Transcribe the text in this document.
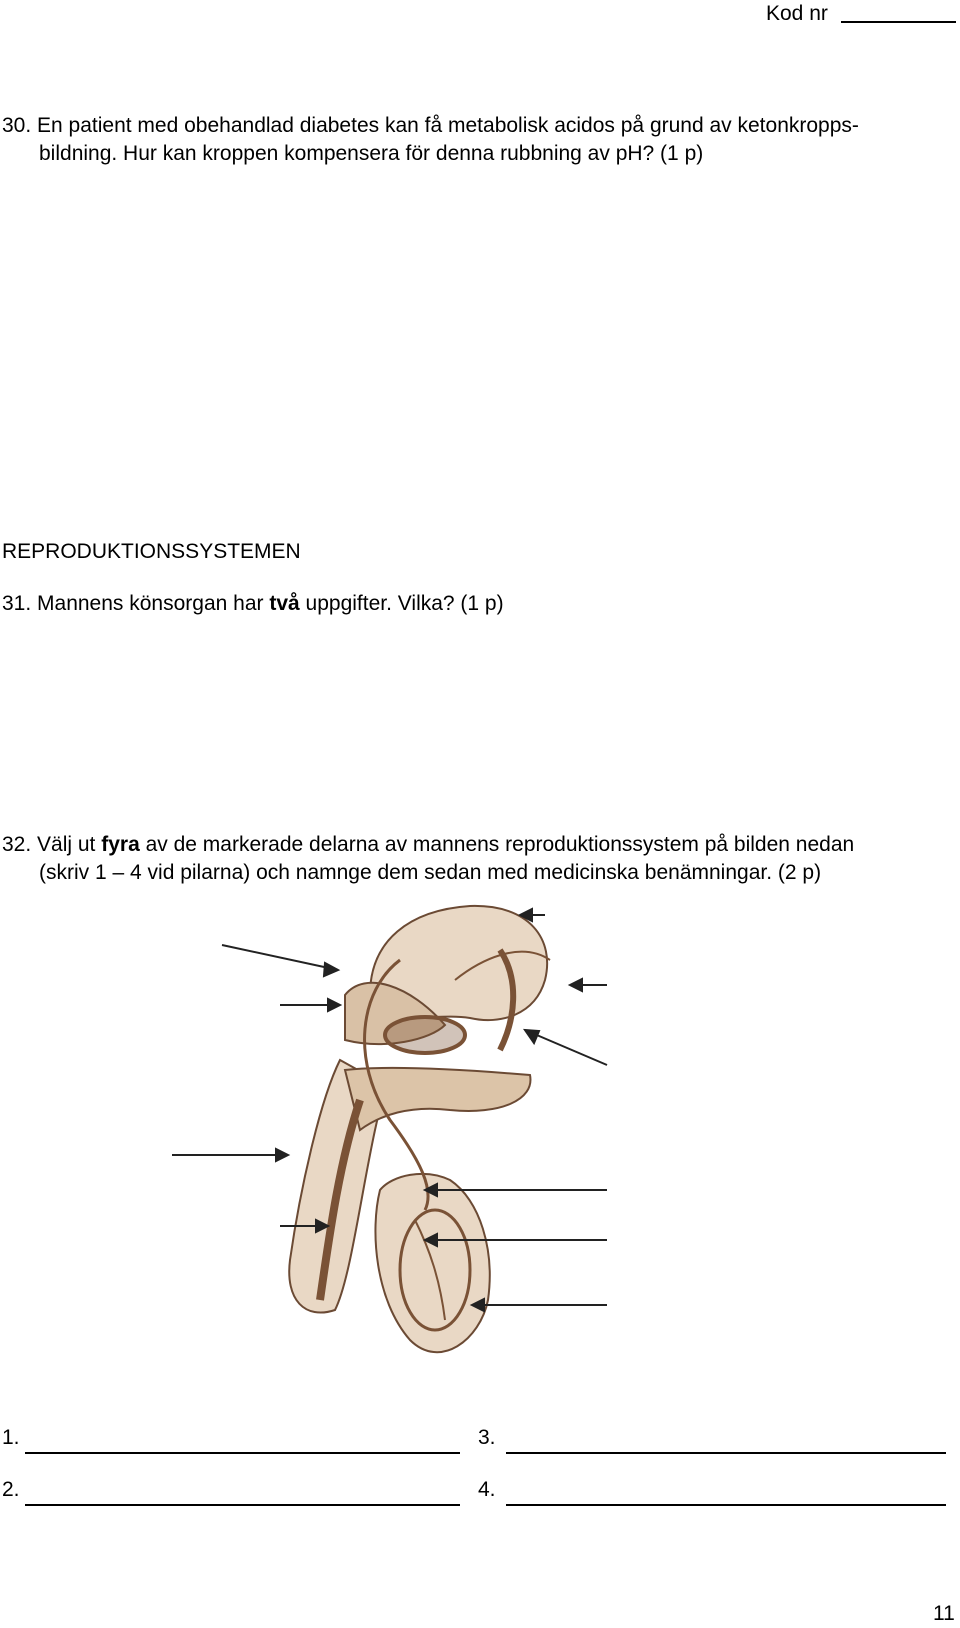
Kod nr
30. En patient med obehandlad diabetes kan få metabolisk acidos på grund av ketonkropps-
bildning. Hur kan kroppen kompensera för denna rubbning av pH? (1 p)
REPRODUKTIONSSYSTEMEN
31. Mannens könsorgan har två uppgifter. Vilka? (1 p)
32. Välj ut fyra av de markerade delarna av mannens reproduktionssystem på bilden nedan
(skriv 1 – 4 vid pilarna) och namnge dem sedan med medicinska benämningar. (2 p)
1.	3.
2.	4.
11
